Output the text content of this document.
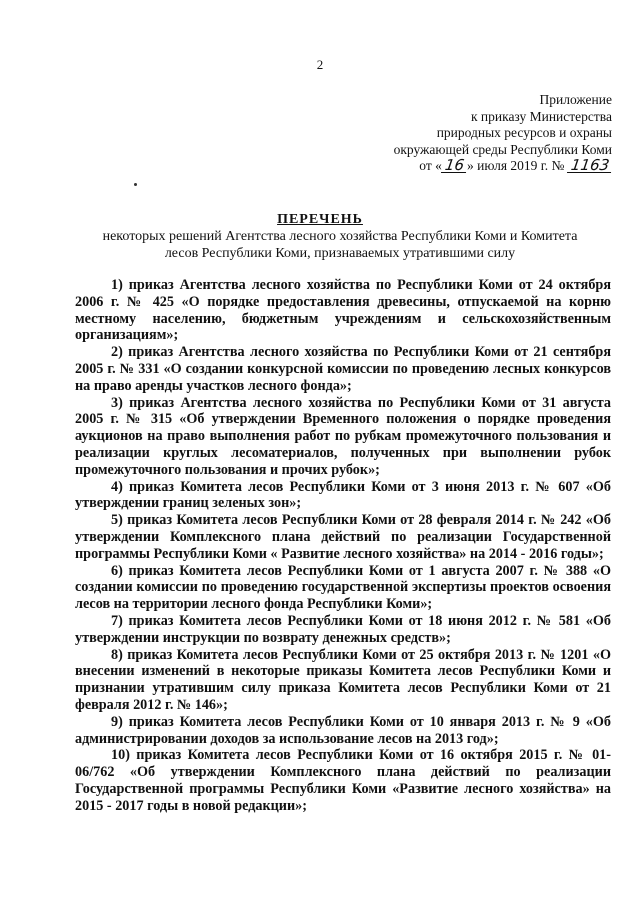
2
Приложение
к приказу Министерства
природных ресурсов и охраны
окружающей среды Республики Коми
от « 16 » июля 2019 г. № 1163
ПЕРЕЧЕНЬ
некоторых решений Агентства лесного хозяйства Республики Коми и Комитета
лесов Республики Коми, признаваемых утратившими силу

1) приказ Агентства лесного хозяйства по Республики Коми от 24 октября 2006 г. № 425 «О порядке предоставления древесины, отпускаемой на корню местному населению, бюджетным учреждениям и сельскохозяйственным организациям»;

2) приказ Агентства лесного хозяйства по Республики Коми от 21 сентября 2005 г. № 331 «О создании конкурсной комиссии по проведению лесных конкурсов на право аренды участков лесного фонда»;

3) приказ Агентства лесного хозяйства по Республики Коми от 31 августа 2005 г. № 315 «Об утверждении Временного положения о порядке проведения аукционов на право выполнения работ по рубкам промежуточного пользования и реализации круглых лесоматериалов, полученных при выполнении рубок промежуточного пользования и прочих рубок»;

4) приказ Комитета лесов Республики Коми от 3 июня 2013 г. № 607 «Об утверждении границ зеленых зон»;

5) приказ Комитета лесов Республики Коми от 28 февраля 2014 г. № 242 «Об утверждении Комплексного плана действий по реализации Государственной программы Республики Коми « Развитие лесного хозяйства» на 2014 - 2016 годы»;

6) приказ Комитета лесов Республики Коми от 1 августа 2007 г. № 388 «О создании комиссии по проведению государственной экспертизы проектов освоения лесов на территории лесного фонда Республики Коми»;

7) приказ Комитета лесов Республики Коми от 18 июня 2012 г. № 581 «Об утверждении инструкции по возврату денежных средств»;

8) приказ Комитета лесов Республики Коми от 25 октября 2013 г. № 1201 «О внесении изменений в некоторые приказы Комитета лесов Республики Коми и признании утратившим силу приказа Комитета лесов Республики Коми от 21 февраля 2012 г. № 146»;

9) приказ Комитета лесов Республики Коми от 10 января 2013 г. № 9 «Об администрировании доходов за использование лесов на 2013 год»;

10) приказ Комитета лесов Республики Коми от 16 октября 2015 г. № 01-06/762 «Об утверждении Комплексного плана действий по реализации Государственной программы Республики Коми «Развитие лесного хозяйства» на 2015 - 2017 годы в новой редакции»;
